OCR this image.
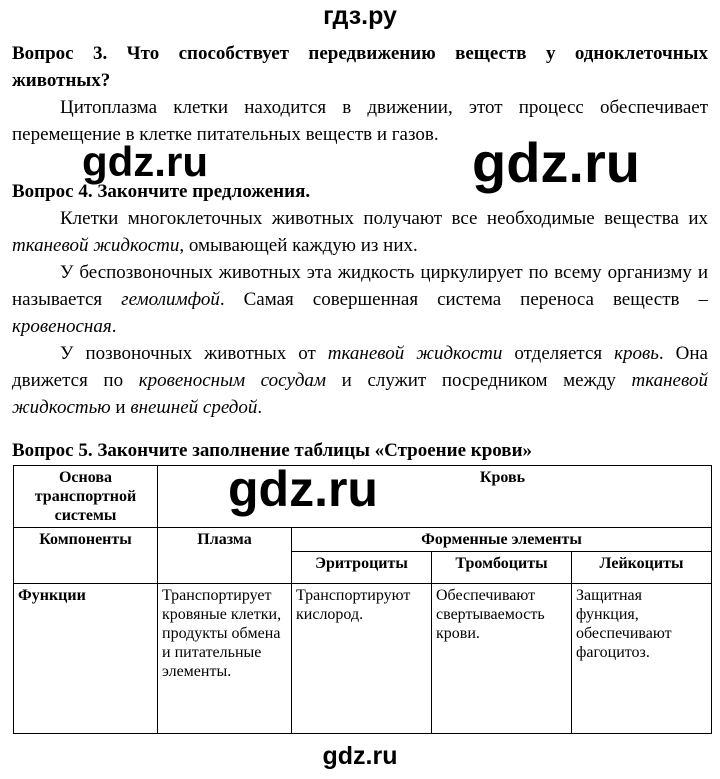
гдз.ру
Вопрос 3. Что способствует передвижению веществ у одноклеточных животных?
Цитоплазма клетки находится в движении, этот процесс обеспечивает перемещение в клетке питательных веществ и газов.
gdz.ru	gdz.ru
Вопрос 4. Закончите предложения.
Клетки многоклеточных животных получают все необходимые вещества их тканевой жидкости, омывающей каждую из них.
У беспозвоночных животных эта жидкость циркулирует по всему организму и называется гемолимфой. Самая совершенная система переноса веществ – кровеносная.
У позвоночных животных от тканевой жидкости отделяется кровь. Она движется по кровеносным сосудам и служит посредником между тканевой жидкостью и внешней средой.
Вопрос 5. Закончите заполнение таблицы «Строение крови»
Основа транспортной системы	Кровь			
Компоненты	Плазма	Форменные элементы		
		Эритроциты	Тромбоциты	Лейкоциты
Функции	Транспортирует кровяные клетки, продукты обмена и питательные элементы.	Транспортируют кислород.	Обеспечивают свертываемость крови.	Защитная функция, обеспечивают фагоцитоз.
gdz.ru
gdz.ru
